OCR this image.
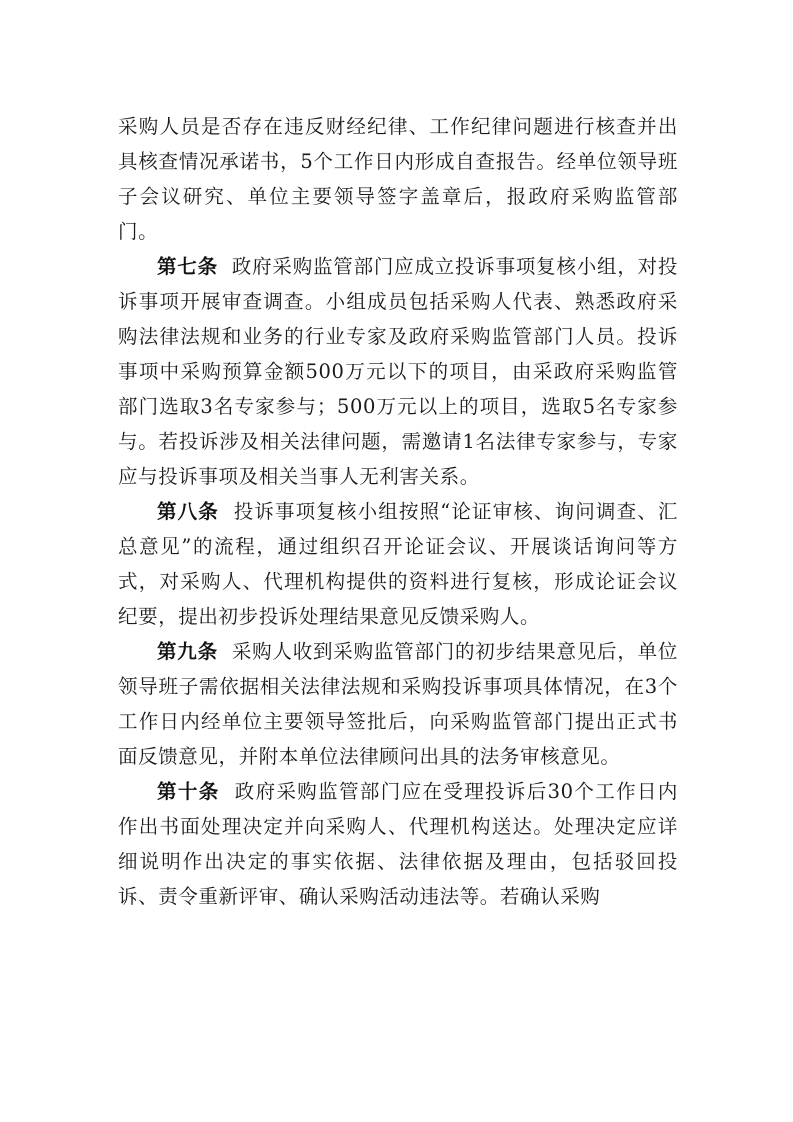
采购人员是否存在违反财经纪律、工作纪律问题进行核查并出具核查情况承诺书，5个工作日内形成自查报告。经单位领导班子会议研究、单位主要领导签字盖章后，报政府采购监管部门。

第七条 政府采购监管部门应成立投诉事项复核小组，对投诉事项开展审查调查。小组成员包括采购人代表、熟悉政府采购法律法规和业务的行业专家及政府采购监管部门人员。投诉事项中采购预算金额500万元以下的项目，由采政府采购监管部门选取3名专家参与；500万元以上的项目，选取5名专家参与。若投诉涉及相关法律问题，需邀请1名法律专家参与，专家应与投诉事项及相关当事人无利害关系。

第八条 投诉事项复核小组按照“论证审核、询问调查、汇总意见”的流程，通过组织召开论证会议、开展谈话询问等方式，对采购人、代理机构提供的资料进行复核，形成论证会议纪要，提出初步投诉处理结果意见反馈采购人。

第九条 采购人收到采购监管部门的初步结果意见后，单位领导班子需依据相关法律法规和采购投诉事项具体情况，在3个工作日内经单位主要领导签批后，向采购监管部门提出正式书面反馈意见，并附本单位法律顾问出具的法务审核意见。

第十条 政府采购监管部门应在受理投诉后30个工作日内作出书面处理决定并向采购人、代理机构送达。处理决定应详细说明作出决定的事实依据、法律依据及理由，包括驳回投诉、责令重新评审、确认采购活动违法等。若确认采购
